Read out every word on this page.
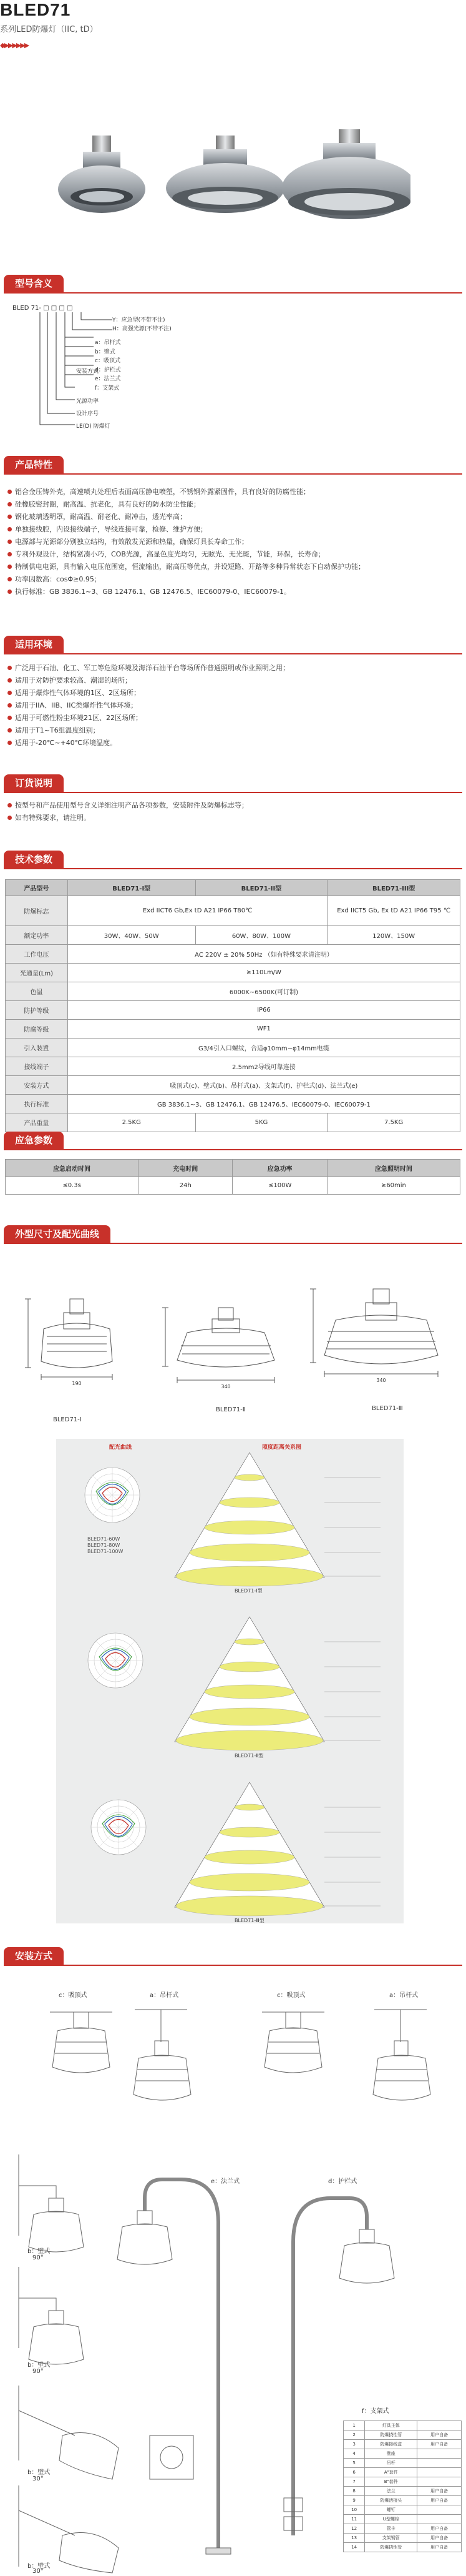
BLED71
系列LED防爆灯（IIC, tD）
◆▶▶▶▶▶▶
型号含义
BLED 71- □ □ □ □
Y：应急型(不带不注)
H：高强光源(不带不注)
a：吊杆式
b：壁式
c：吸顶式
d：护栏式
e：法兰式
f：支架式
安装方式
光源功率
设计序号
LE(D) 防爆灯
产品特性
铝合金压铸外壳，高速喷丸处理后表面高压静电喷塑，不锈钢外露紧固件，具有良好的防腐性能；
硅橡胶密封圈，耐高温、抗老化，具有良好的防水防尘性能；
钢化玻璃透明罩，耐高温、耐老化、耐冲击，透光率高；
单独接线腔，内设接线端子，导线连接可靠，检修、维护方便；
电源部与光源部分别独立结构，有效散发光源和热量，确保灯具长寿命工作；
专利外观设计，结构紧凑小巧，COB光源，高显色度光均匀，无眩光、无光斑，节能，环保，长寿命；
特制供电电源，具有输入电压范围宽，恒流输出，耐高压等优点，并设短路、开路等多种异常状态下自动保护功能；
功率因数高：cosΦ≥0.95；
执行标准：GB 3836.1~3、GB 12476.1、GB 12476.5、IEC60079-0、IEC60079-1。
适用环境
广泛用于石油、化工、军工等危险环境及海洋石油平台等场所作普通照明或作业照明之用；
适用于对防护要求较高、潮湿的场所；
适用于爆炸性气体环境的1区、2区场所；
适用于IIA、IIB、IIC类爆炸性气体环境；
适用于可燃性粉尘环境21区、22区场所；
适用于T1~T6组温度组别；
适用于-20℃~+40℃环境温度。
订货说明
按型号和产品使用型号含义详细注明产品各项参数，安装附件及防爆标志等；
如有特殊要求，请注明。
技术参数
产品型号	BLED71-I型	BLED71-II型	BLED71-III型
防爆标志	Exd IICT6 Gb,Ex tD A21 IP66 T80℃		Exd IICT5 Gb, Ex tD A21 IP66 T95 ℃
额定功率	30W、40W、50W	60W、80W、100W	120W、150W
工作电压	AC 220V ± 20% 50Hz （如有特殊要求请注明）		
光通量(Lm)	≥110Lm/W		
色温	6000K~6500K(可订制)		
防护等级	IP66		
防腐等级	WF1		
引入装置	G3/4引入口螺纹，合适φ10mm~φ14mm电缆		
接线端子	2.5mm2导线可靠连接		
安装方式	吸顶式(c)、壁式(b)、吊杆式(a)、支架式(f)、护栏式(d)、法兰式(e)		
执行标准	GB 3836.1~3、GB 12476.1、GB 12476.5、IEC60079-0、IEC60079-1		
产品重量	2.5KG	5KG	7.5KG
应急参数
应急启动时间	充电时间	应急功率	应急照明时间
≤0.3s	24h	≤100W	≥60min
外型尺寸及配光曲线
190
340
340
BLED71-Ⅰ
BLED71-Ⅱ	BLED71-Ⅲ
配光曲线	照度距离关系图
BLED71-60W
BLED71-80W
BLED71-100W
BLED71-Ⅰ型
BLED71-Ⅱ型
BLED71-Ⅲ型
安装方式
c：吸顶式	a：吊杆式	c：吸顶式	a：吊杆式
e：法兰式	d：护栏式
b：壁式
90°
b：壁式
90°
b：壁式
30°
b：壁式
30°
f：支架式
1	灯具主体	
2	防爆挠性管	用户自备
3	防爆接线盒	用户自备
4	壁座	
5	吊杆	
6	A"套件	
7	B"套件	
8	法兰	用户自备
9	防爆活接头	用户自备
10	螺钉	
11	U型螺栓	
12	管卡	用户自备
13	支架钢管	用户自备
14	防爆挠性管	用户自备
